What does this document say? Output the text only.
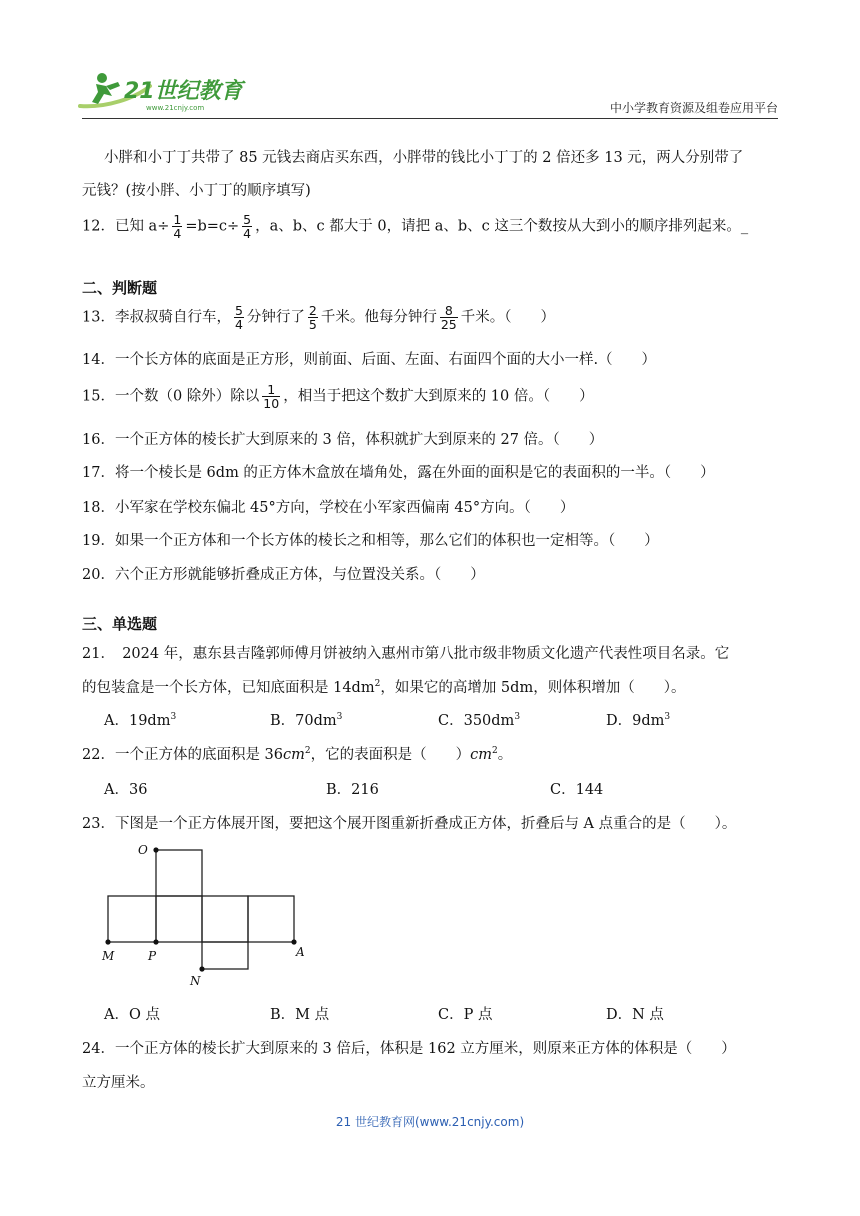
21世纪教育
www.21cnjy.com	中小学教育资源及组卷应用平台
小胖和小丁丁共带了 85 元钱去商店买东西，小胖带的钱比小丁丁的 2 倍还多 13 元，两人分别带了
元钱？(按小胖、小丁丁的顺序填写)
12．已知 $a\div \frac{1}{4} =b=c\div \frac{5}{4}$ ，a、b、c 都大于 0，请把 a、b、c 这三个数按从大到小的顺序排列起来。_
二、判断题
13．李叔叔骑自行车， $\frac{5}{4}$ 分钟行了 $\frac{2}{5}$ 千米。他每分钟行 $\frac{8}{25}$ 千米。（　　）
14．一个长方体的底面是正方形，则前面、后面、左面、右面四个面的大小一样.（　　）
15．一个数（0 除外）除以 $\frac{1}{10}$ ，相当于把这个数扩大到原来的 10 倍。（　　）
16．一个正方体的棱长扩大到原来的 3 倍，体积就扩大到原来的 27 倍。（　　）
17．将一个棱长是 6dm 的正方体木盒放在墙角处，露在外面的面积是它的表面积的一半。（　　）
18．小军家在学校东偏北 45°方向，学校在小军家西偏南 45°方向。（　　）
19．如果一个正方体和一个长方体的棱长之和相等，那么它们的体积也一定相等。（　　）
20．六个正方形就能够折叠成正方体，与位置没关系。（　　）
三、单选题
21．　2024 年，惠东县吉隆郭师傅月饼被纳入惠州市第八批市级非物质文化遗产代表性项目名录。它
的包装盒是一个长方体，已知底面积是 $14dm^2$，如果它的高增加 5dm，则体积增加（　　）。
A．$19dm^3$	B．$70dm^3$	C．$350dm^3$	D．$9dm^3$
22．一个正方体的底面积是 $36cm^2$，它的表面积是（　　）$cm^2$。
A．36	B．216	C．144
23．下图是一个正方体展开图，要把这个展开图重新折叠成正方体，折叠后与 A 点重合的是（　　）。
O
M	P	A
N
A．O 点	B．M 点	C．P 点	D．N 点
24．一个正方体的棱长扩大到原来的 3 倍后，体积是 162 立方厘米，则原来正方体的体积是（　　）
立方厘米。
21 世纪教育网(www.21cnjy.com)
